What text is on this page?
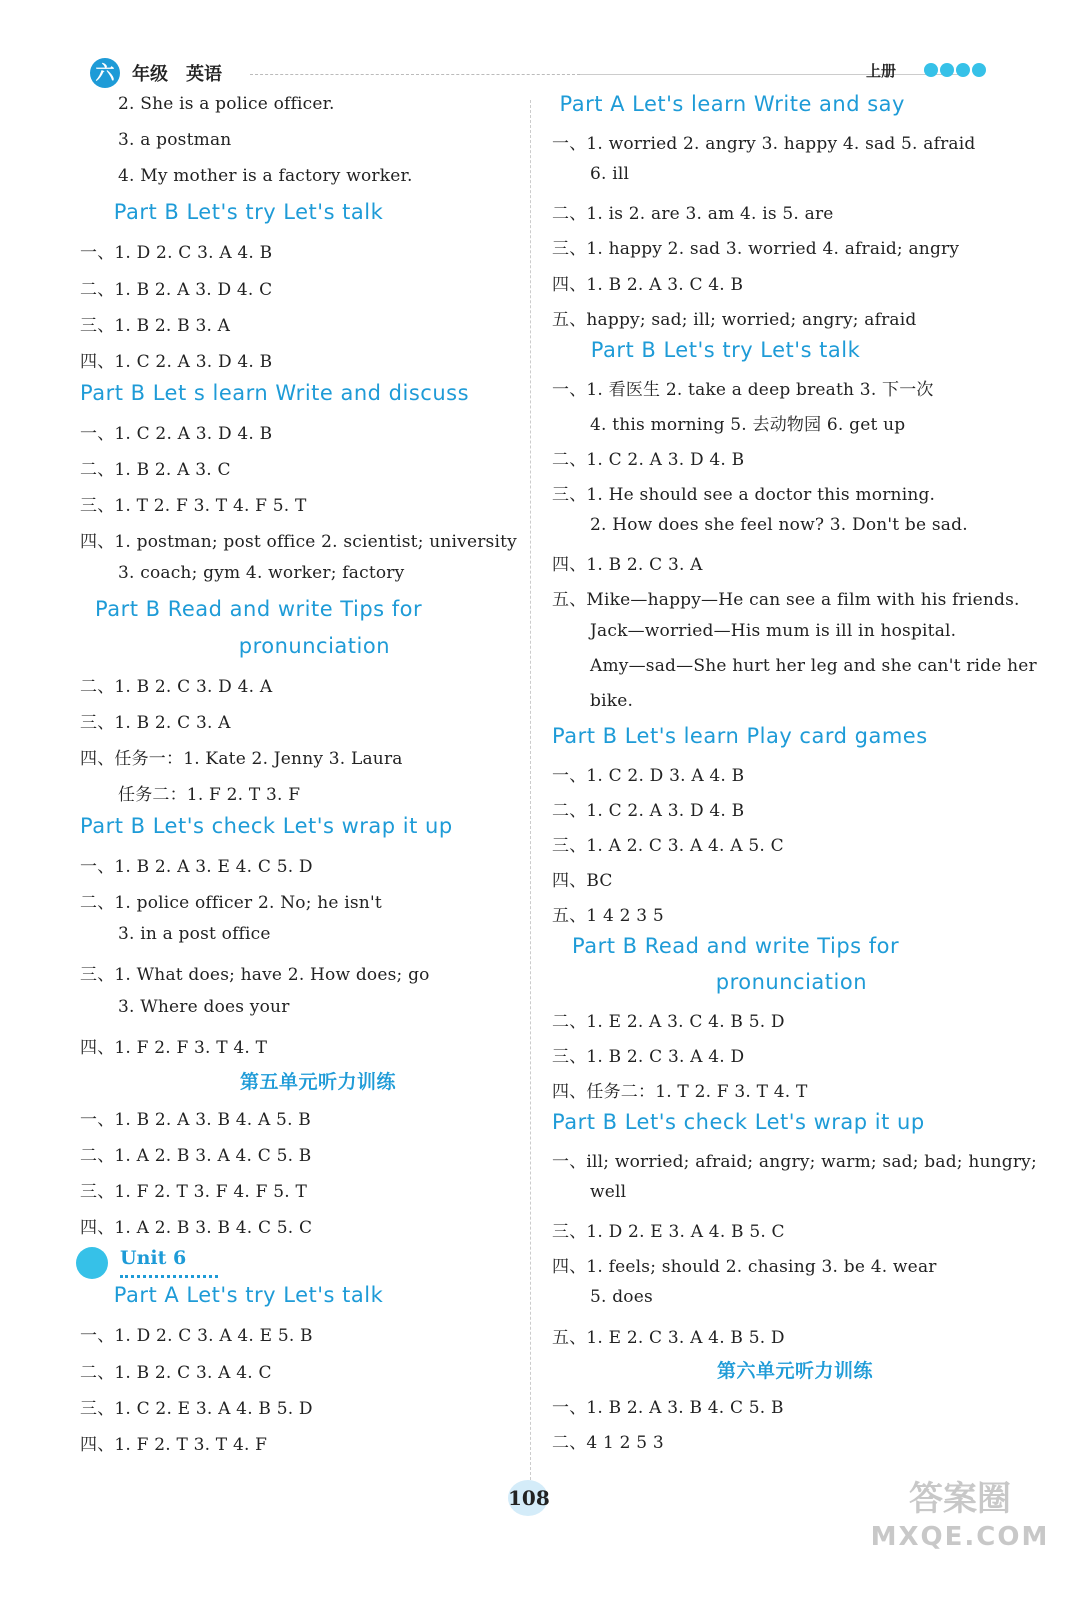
六 年级 英语	上册
2. She is a police officer.
3. a postman
4. My mother is a factory worker.
Part B Let's try Let's talk
一、1. D 2. C 3. A 4. B
二、1. B 2. A 3. D 4. C
三、1. B 2. B 3. A
四、1. C 2. A 3. D 4. B
Part B Let s learn Write and discuss
一、1. C 2. A 3. D 4. B
二、1. B 2. A 3. C
三、1. T 2. F 3. T 4. F 5. T
四、1. postman; post office 2. scientist; university
3. coach; gym 4. worker; factory
Part B Read and write Tips for
pronunciation
二、1. B 2. C 3. D 4. A
三、1. B 2. C 3. A
四、任务一：1. Kate 2. Jenny 3. Laura
任务二：1. F 2. T 3. F
Part B Let's check Let's wrap it up
一、1. B 2. A 3. E 4. C 5. D
二、1. police officer 2. No; he isn't
3. in a post office
三、1. What does; have 2. How does; go
3. Where does your
四、1. F 2. F 3. T 4. T
第五单元听力训练
一、1. B 2. A 3. B 4. A 5. B
二、1. A 2. B 3. A 4. C 5. B
三、1. F 2. T 3. F 4. F 5. T
四、1. A 2. B 3. B 4. C 5. C
Unit 6
Part A Let's try Let's talk
一、1. D 2. C 3. A 4. E 5. B
二、1. B 2. C 3. A 4. C
三、1. C 2. E 3. A 4. B 5. D
四、1. F 2. T 3. T 4. F
Part A Let's learn Write and say
一、1. worried 2. angry 3. happy 4. sad 5. afraid
6. ill
二、1. is 2. are 3. am 4. is 5. are
三、1. happy 2. sad 3. worried 4. afraid; angry
四、1. B 2. A 3. C 4. B
五、happy; sad; ill; worried; angry; afraid
Part B Let's try Let's talk
一、1. 看医生 2. take a deep breath 3. 下一次
4. this morning 5. 去动物园 6. get up
二、1. C 2. A 3. D 4. B
三、1. He should see a doctor this morning.
2. How does she feel now? 3. Don't be sad.
四、1. B 2. C 3. A
五、Mike—happy—He can see a film with his friends.
Jack—worried—His mum is ill in hospital.
Amy—sad—She hurt her leg and she can't ride her
bike.
Part B Let's learn Play card games
一、1. C 2. D 3. A 4. B
二、1. C 2. A 3. D 4. B
三、1. A 2. C 3. A 4. A 5. C
四、BC
五、1 4 2 3 5
Part B Read and write Tips for
pronunciation
二、1. E 2. A 3. C 4. B 5. D
三、1. B 2. C 3. A 4. D
四、任务二：1. T 2. F 3. T 4. T
Part B Let's check Let's wrap it up
一、ill; worried; afraid; angry; warm; sad; bad; hungry;
well
三、1. D 2. E 3. A 4. B 5. C
四、1. feels; should 2. chasing 3. be 4. wear
5. does
五、1. E 2. C 3. A 4. B 5. D
第六单元听力训练
一、1. B 2. A 3. B 4. C 5. B
二、4 1 2 5 3
108	答案圈
MXQE.COM
